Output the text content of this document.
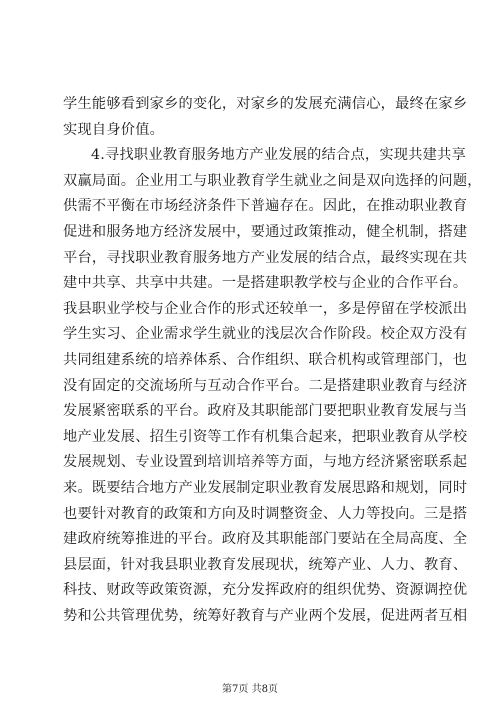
学生能够看到家乡的变化，对家乡的发展充满信心，最终在家乡
实现自身价值。
4.寻找职业教育服务地方产业发展的结合点，实现共建共享
双赢局面。企业用工与职业教育学生就业之间是双向选择的问题，
供需不平衡在市场经济条件下普遍存在。因此，在推动职业教育
促进和服务地方经济发展中，要通过政策推动，健全机制，搭建
平台，寻找职业教育服务地方产业发展的结合点，最终实现在共
建中共享、共享中共建。一是搭建职教学校与企业的合作平台。
我县职业学校与企业合作的形式还较单一，多是停留在学校派出
学生实习、企业需求学生就业的浅层次合作阶段。校企双方没有
共同组建系统的培养体系、合作组织、联合机构或管理部门，也
没有固定的交流场所与互动合作平台。二是搭建职业教育与经济
发展紧密联系的平台。政府及其职能部门要把职业教育发展与当
地产业发展、招生引资等工作有机集合起来，把职业教育从学校
发展规划、专业设置到培训培养等方面，与地方经济紧密联系起
来。既要结合地方产业发展制定职业教育发展思路和规划，同时
也要针对教育的政策和方向及时调整资金、人力等投向。三是搭
建政府统筹推进的平台。政府及其职能部门要站在全局高度、全
县层面，针对我县职业教育发展现状，统筹产业、人力、教育、
科技、财政等政策资源，充分发挥政府的组织优势、资源调控优
势和公共管理优势，统筹好教育与产业两个发展，促进两者互相
第7页 共8页
